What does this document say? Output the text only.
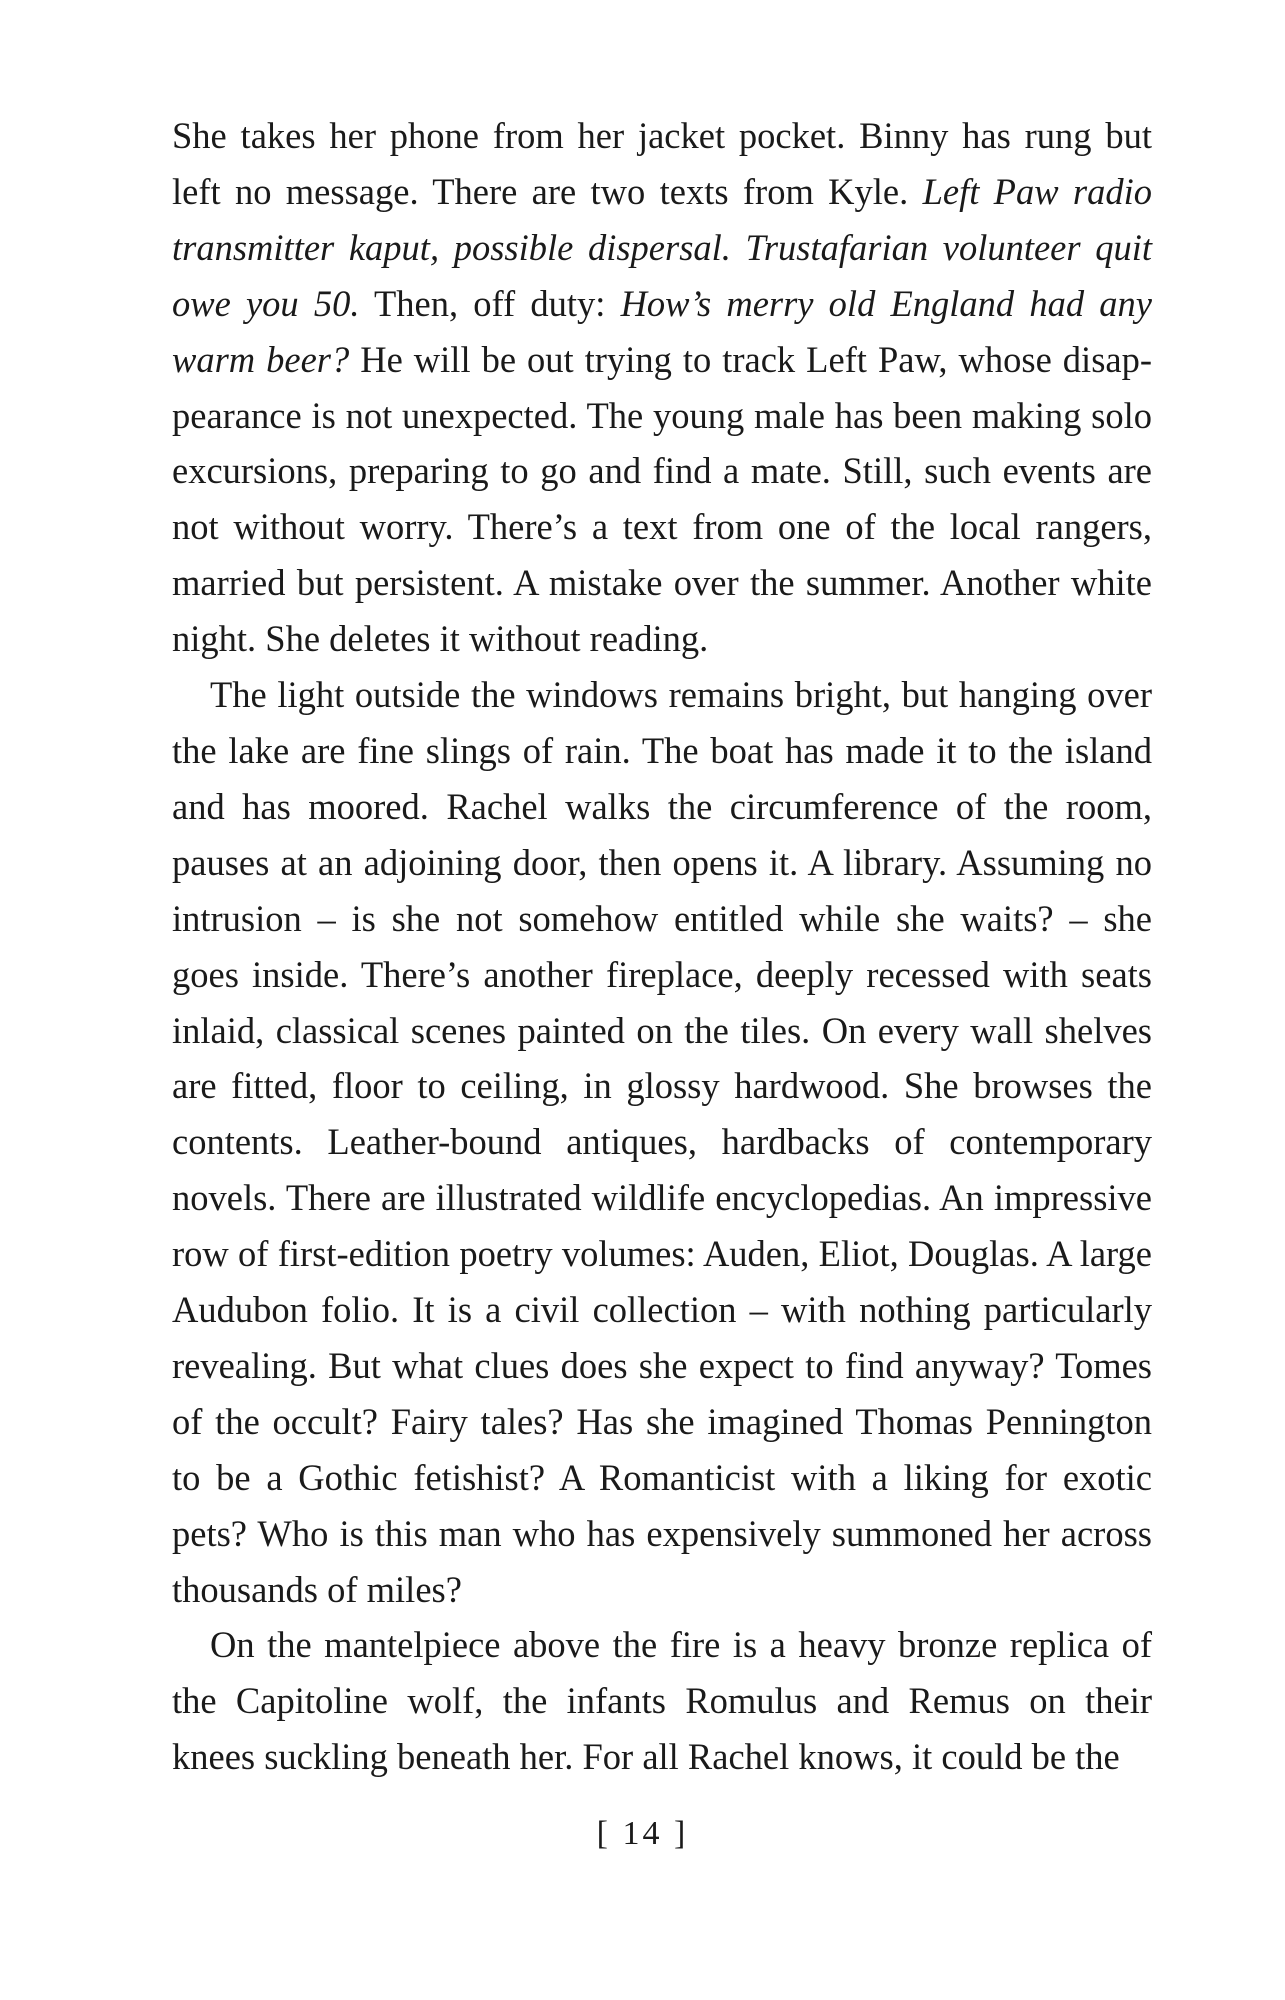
She takes her phone from her jacket pocket. Binny has rung but left no message. There are two texts from Kyle. Left Paw radio transmitter kaput, possible dispersal. Trustafarian volunteer quit owe you 50. Then, off duty: How’s merry old England had any warm beer? He will be out trying to track Left Paw, whose disappearance is not unexpected. The young male has been making solo excursions, preparing to go and find a mate. Still, such events are not without worry. There’s a text from one of the local rangers, married but persistent. A mistake over the summer. Another white night. She deletes it without reading.

The light outside the windows remains bright, but hanging over the lake are fine slings of rain. The boat has made it to the island and has moored. Rachel walks the circumference of the room, pauses at an adjoining door, then opens it. A library. Assuming no intrusion – is she not somehow entitled while she waits? – she goes inside. There’s another fireplace, deeply recessed with seats inlaid, classical scenes painted on the tiles. On every wall shelves are fitted, floor to ceiling, in glossy hardwood. She browses the contents. Leather-bound antiques, hardbacks of contemporary novels. There are illustrated wildlife encyclopedias. An impressive row of first-edition poetry volumes: Auden, Eliot, Douglas. A large Audubon folio. It is a civil collection – with nothing particularly revealing. But what clues does she expect to find anyway? Tomes of the occult? Fairy tales? Has she imagined Thomas Pennington to be a Gothic fetishist? A Romanticist with a liking for exotic pets? Who is this man who has expensively summoned her across thousands of miles?

On the mantelpiece above the fire is a heavy bronze replica of the Capitoline wolf, the infants Romulus and Remus on their knees suckling beneath her. For all Rachel knows, it could be the

[ 14 ]
